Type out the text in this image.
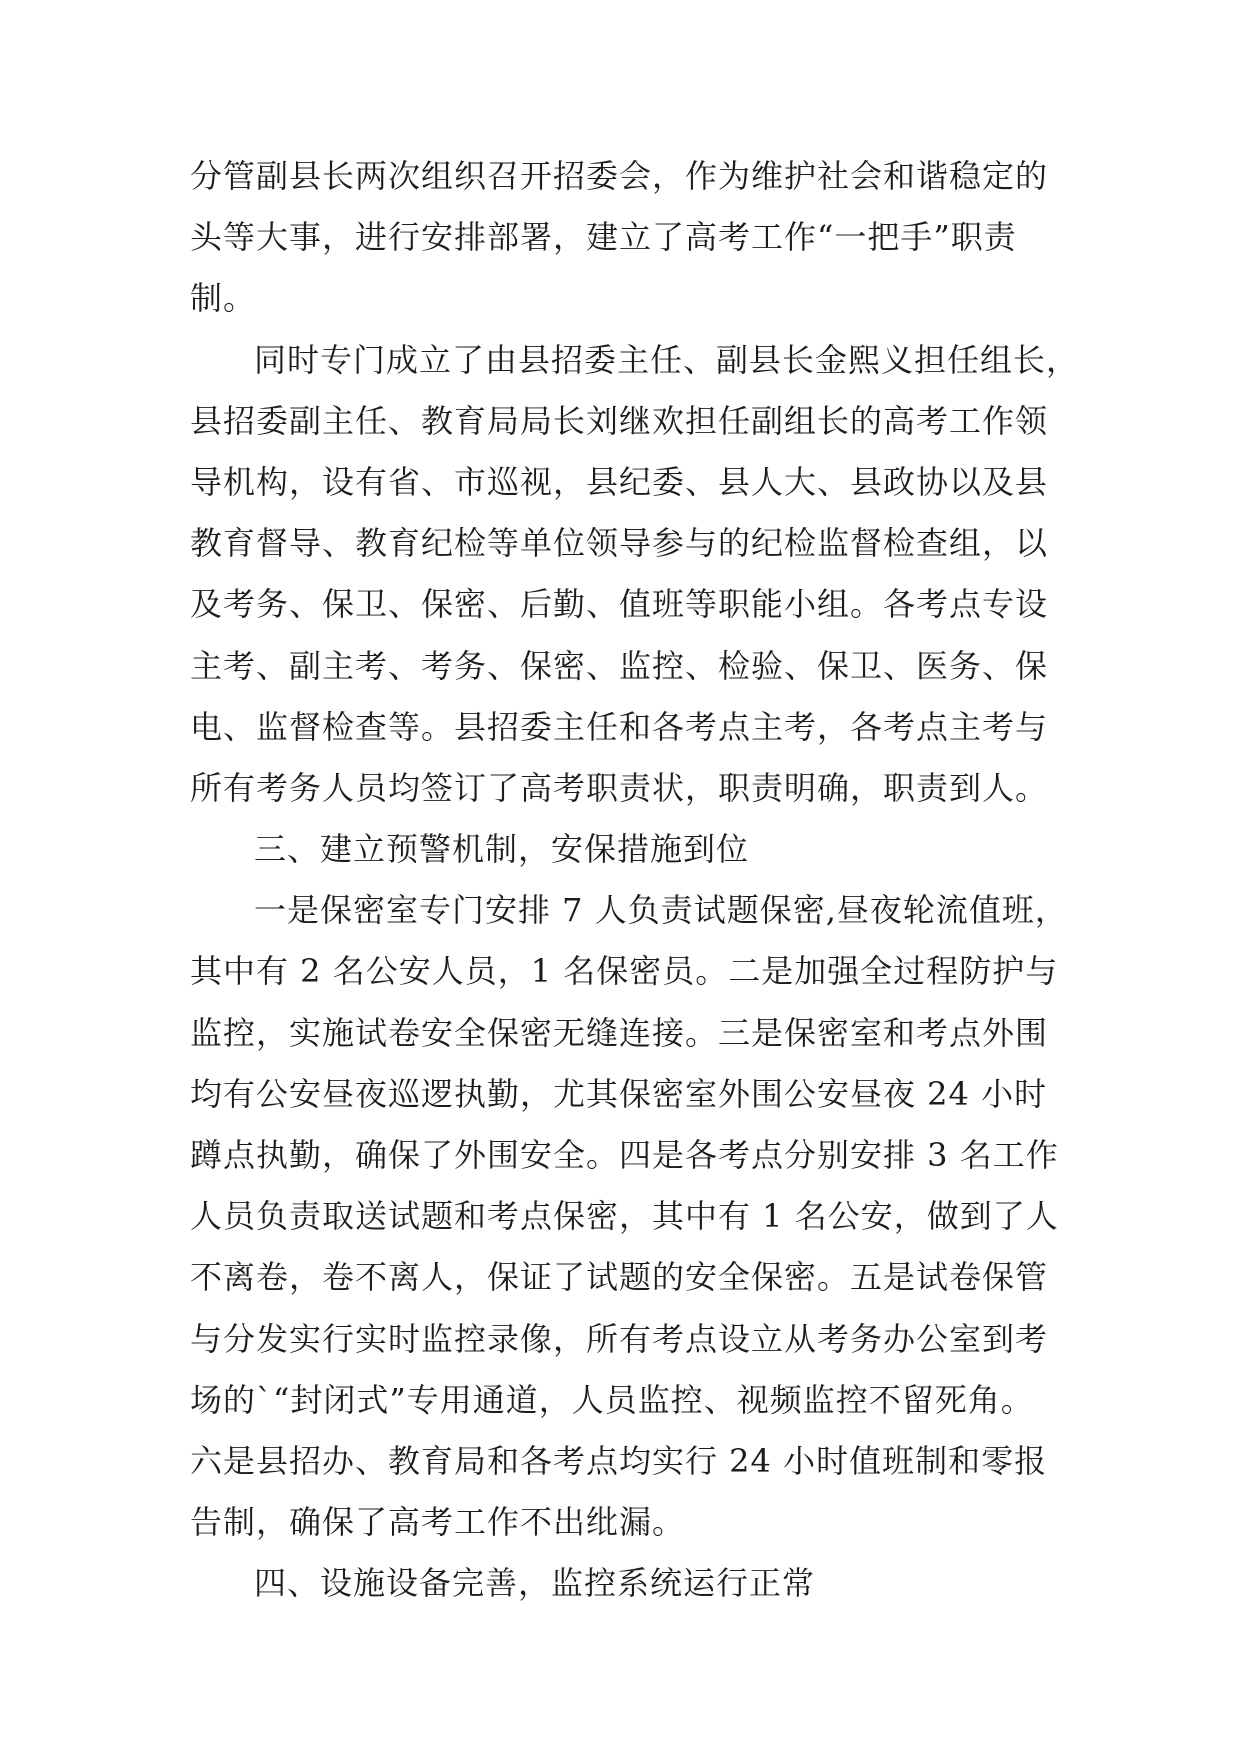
分管副县长两次组织召开招委会，作为维护社会和谐稳定的
头等大事，进行安排部署，建立了高考工作“一把手”职责
制。
同时专门成立了由县招委主任、副县长金熙义担任组长，
县招委副主任、教育局局长刘继欢担任副组长的高考工作领
导机构，设有省、市巡视，县纪委、县人大、县政协以及县
教育督导、教育纪检等单位领导参与的纪检监督检查组，以
及考务、保卫、保密、后勤、值班等职能小组。各考点专设
主考、副主考、考务、保密、监控、检验、保卫、医务、保
电、监督检查等。县招委主任和各考点主考，各考点主考与
所有考务人员均签订了高考职责状，职责明确，职责到人。
三、建立预警机制，安保措施到位
一是保密室专门安排 7 人负责试题保密,昼夜轮流值班，
其中有 2 名公安人员，1 名保密员。二是加强全过程防护与
监控，实施试卷安全保密无缝连接。三是保密室和考点外围
均有公安昼夜巡逻执勤，尤其保密室外围公安昼夜 24 小时
蹲点执勤，确保了外围安全。四是各考点分别安排 3 名工作
人员负责取送试题和考点保密，其中有 1 名公安，做到了人
不离卷，卷不离人，保证了试题的安全保密。五是试卷保管
与分发实行实时监控录像，所有考点设立从考务办公室到考
场的`“封闭式”专用通道，人员监控、视频监控不留死角。
六是县招办、教育局和各考点均实行 24 小时值班制和零报
告制，确保了高考工作不出纰漏。
四、设施设备完善，监控系统运行正常
